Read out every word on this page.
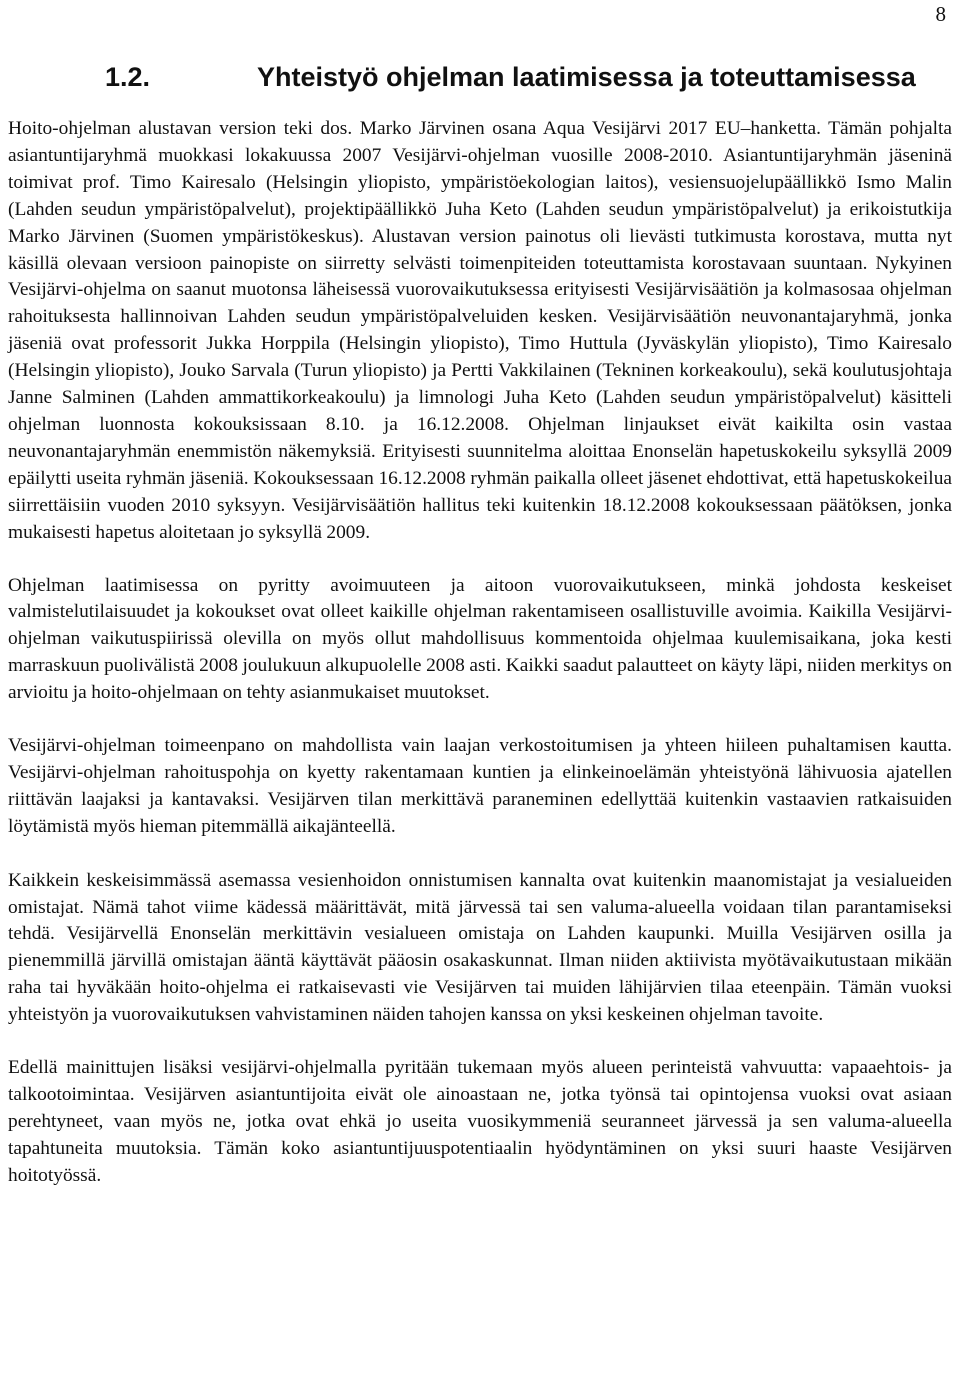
8
1.2.	Yhteistyö ohjelman laatimisessa ja toteuttamisessa

Hoito-ohjelman alustavan version teki dos. Marko Järvinen osana Aqua Vesijärvi 2017 EU–hanketta. Tämän pohjalta asiantuntijaryhmä muokkasi lokakuussa 2007 Vesijärvi-ohjelman vuosille 2008-2010. Asiantuntijaryhmän jäseninä toimivat prof. Timo Kairesalo (Helsingin yliopisto, ympäristöekologian laitos), vesiensuojelupäällikkö Ismo Malin (Lahden seudun ympäristöpalvelut), projektipäällikkö Juha Keto (Lahden seudun ympäristöpalvelut) ja erikoistutkija Marko Järvinen (Suomen ympäristökeskus). Alustavan version painotus oli lievästi tutkimusta korostava, mutta nyt käsillä olevaan versioon painopiste on siirretty selvästi toimenpiteiden toteuttamista korostavaan suuntaan. Nykyinen Vesijärvi-ohjelma on saanut muotonsa läheisessä vuorovaikutuksessa erityisesti Vesijärvisäätiön ja kolmasosaa ohjelman rahoituksesta hallinnoivan Lahden seudun ympäristöpalveluiden kesken. Vesijärvisäätiön neuvonantajaryhmä, jonka jäseniä ovat professorit Jukka Horppila (Helsingin yliopisto), Timo Huttula (Jyväskylän yliopisto), Timo Kairesalo (Helsingin yliopisto), Jouko Sarvala (Turun yliopisto) ja Pertti Vakkilainen (Tekninen korkeakoulu), sekä koulutusjohtaja Janne Salminen (Lahden ammattikorkeakoulu) ja limnologi Juha Keto (Lahden seudun ympäristöpalvelut) käsitteli ohjelman luonnosta kokouksissaan 8.10. ja 16.12.2008. Ohjelman linjaukset eivät kaikilta osin vastaa neuvonantajaryhmän enemmistön näkemyksiä. Erityisesti suunnitelma aloittaa Enonselän hapetuskokeilu syksyllä 2009 epäilytti useita ryhmän jäseniä. Kokouksessaan 16.12.2008 ryhmän paikalla olleet jäsenet ehdottivat, että hapetuskokeilua siirrettäisiin vuoden 2010 syksyyn. Vesijärvisäätiön hallitus teki kuitenkin 18.12.2008 kokouksessaan päätöksen, jonka mukaisesti hapetus aloitetaan jo syksyllä 2009.

Ohjelman laatimisessa on pyritty avoimuuteen ja aitoon vuorovaikutukseen, minkä johdosta keskeiset valmistelutilaisuudet ja kokoukset ovat olleet kaikille ohjelman rakentamiseen osallistuville avoimia. Kaikilla Vesijärvi-ohjelman vaikutuspiirissä olevilla on myös ollut mahdollisuus kommentoida ohjelmaa kuulemisaikana, joka kesti marraskuun puolivälistä 2008 joulukuun alkupuolelle 2008 asti. Kaikki saadut palautteet on käyty läpi, niiden merkitys on arvioitu ja hoito-ohjelmaan on tehty asianmukaiset muutokset.

Vesijärvi-ohjelman toimeenpano on mahdollista vain laajan verkostoitumisen ja yhteen hiileen puhaltamisen kautta. Vesijärvi-ohjelman rahoituspohja on kyetty rakentamaan kuntien ja elinkeinoelämän yhteistyönä lähivuosia ajatellen riittävän laajaksi ja kantavaksi. Vesijärven tilan merkittävä paraneminen edellyttää kuitenkin vastaavien ratkaisuiden löytämistä myös hieman pitemmällä aikajänteellä.

Kaikkein keskeisimmässä asemassa vesienhoidon onnistumisen kannalta ovat kuitenkin maanomistajat ja vesialueiden omistajat. Nämä tahot viime kädessä määrittävät, mitä järvessä tai sen valuma-alueella voidaan tilan parantamiseksi tehdä. Vesijärvellä Enonselän merkittävin vesialueen omistaja on Lahden kaupunki. Muilla Vesijärven osilla ja pienemmillä järvillä omistajan ääntä käyttävät pääosin osakaskunnat. Ilman niiden aktiivista myötävaikutustaan mikään raha tai hyväkään hoito-ohjelma ei ratkaisevasti vie Vesijärven tai muiden lähijärvien tilaa eteenpäin. Tämän vuoksi yhteistyön ja vuorovaikutuksen vahvistaminen näiden tahojen kanssa on yksi keskeinen ohjelman tavoite.

Edellä mainittujen lisäksi vesijärvi-ohjelmalla pyritään tukemaan myös alueen perinteistä vahvuutta: vapaaehtois- ja talkootoimintaa. Vesijärven asiantuntijoita eivät ole ainoastaan ne, jotka työnsä tai opintojensa vuoksi ovat asiaan perehtyneet, vaan myös ne, jotka ovat ehkä jo useita vuosikymmeniä seuranneet järvessä ja sen valuma-alueella tapahtuneita muutoksia. Tämän koko asiantuntijuuspotentiaalin hyödyntäminen on yksi suuri haaste Vesijärven hoitotyössä.
